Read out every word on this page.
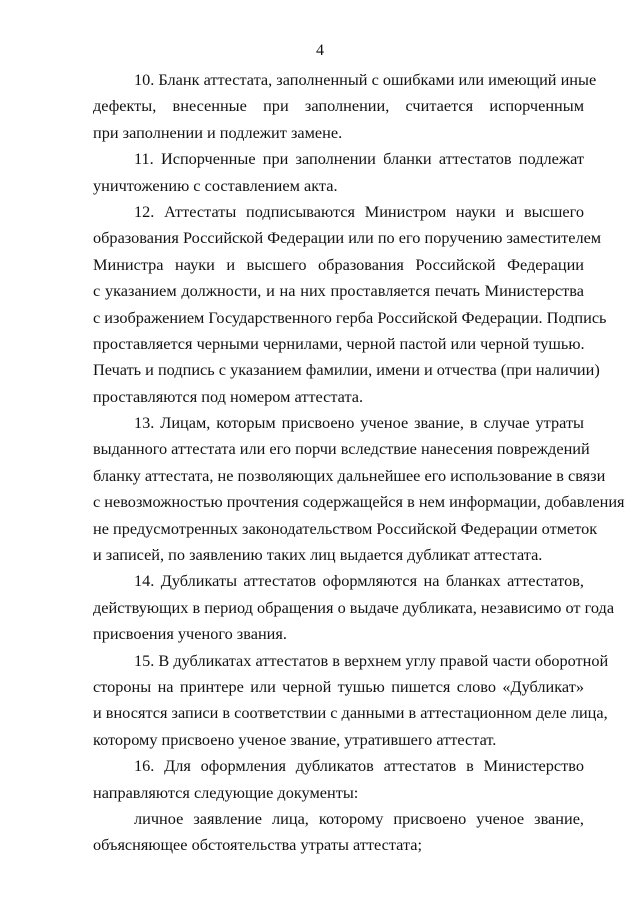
4
10. Бланк аттестата, заполненный с ошибками или имеющий иные
дефекты, внесенные при заполнении, считается испорченным
при заполнении и подлежит замене.
11. Испорченные при заполнении бланки аттестатов подлежат
уничтожению с составлением акта.
12. Аттестаты подписываются Министром науки и высшего
образования Российской Федерации или по его поручению заместителем
Министра науки и высшего образования Российской Федерации
с указанием должности, и на них проставляется печать Министерства
с изображением Государственного герба Российской Федерации. Подпись
проставляется черными чернилами, черной пастой или черной тушью.
Печать и подпись с указанием фамилии, имени и отчества (при наличии)
проставляются под номером аттестата.
13. Лицам, которым присвоено ученое звание, в случае утраты
выданного аттестата или его порчи вследствие нанесения повреждений
бланку аттестата, не позволяющих дальнейшее его использование в связи
с невозможностью прочтения содержащейся в нем информации, добавления
не предусмотренных законодательством Российской Федерации отметок
и записей, по заявлению таких лиц выдается дубликат аттестата.
14. Дубликаты аттестатов оформляются на бланках аттестатов,
действующих в период обращения о выдаче дубликата, независимо от года
присвоения ученого звания.
15. В дубликатах аттестатов в верхнем углу правой части оборотной
стороны на принтере или черной тушью пишется слово «Дубликат»
и вносятся записи в соответствии с данными в аттестационном деле лица,
которому присвоено ученое звание, утратившего аттестат.
16. Для оформления дубликатов аттестатов в Министерство
направляются следующие документы:
личное заявление лица, которому присвоено ученое звание,
объясняющее обстоятельства утраты аттестата;
